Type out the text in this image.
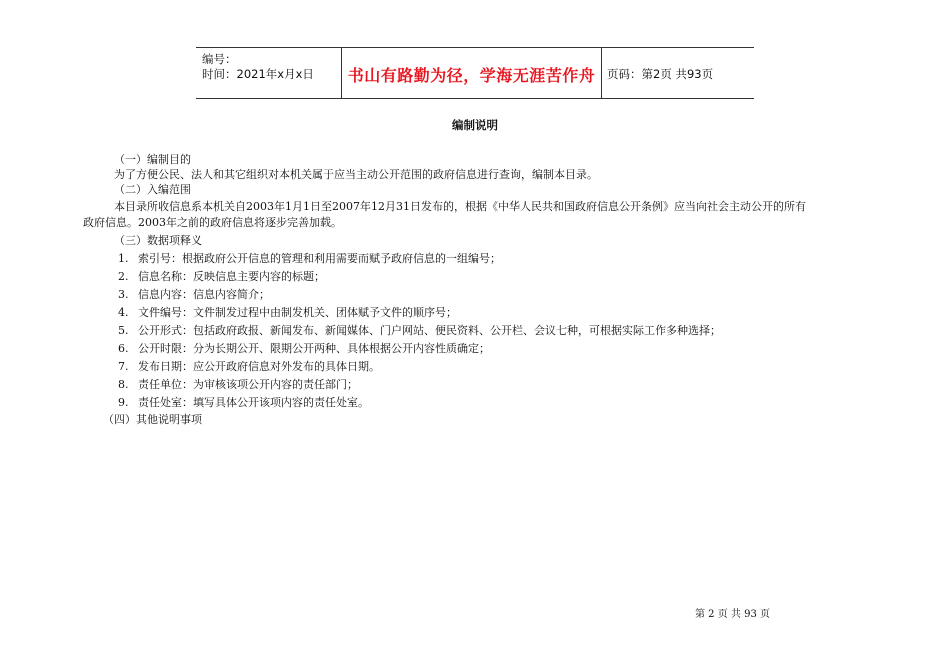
编号：
时间：2021年x月x日	书山有路勤为径，学海无涯苦作舟	页码：第2页 共93页
编制说明
（一）编制目的
为了方便公民、法人和其它组织对本机关属于应当主动公开范围的政府信息进行查询，编制本目录。
（二）入编范围
本目录所收信息系本机关自2003年1月1日至2007年12月31日发布的，根据《中华人民共和国政府信息公开条例》应当向社会主动公开的所有
政府信息。2003年之前的政府信息将逐步完善加载。
（三）数据项释义
1. 索引号：根据政府公开信息的管理和利用需要而赋予政府信息的一组编号；
2. 信息名称：反映信息主要内容的标题；
3. 信息内容：信息内容简介；
4. 文件编号：文件制发过程中由制发机关、团体赋予文件的顺序号；
5. 公开形式：包括政府政报、新闻发布、新闻媒体、门户网站、便民资料、公开栏、会议七种，可根据实际工作多种选择；
6. 公开时限：分为长期公开、限期公开两种、具体根据公开内容性质确定；
7. 发布日期：应公开政府信息对外发布的具体日期。
8. 责任单位：为审核该项公开内容的责任部门；
9. 责任处室：填写具体公开该项内容的责任处室。
（四）其他说明事项
第 2 页 共 93 页
